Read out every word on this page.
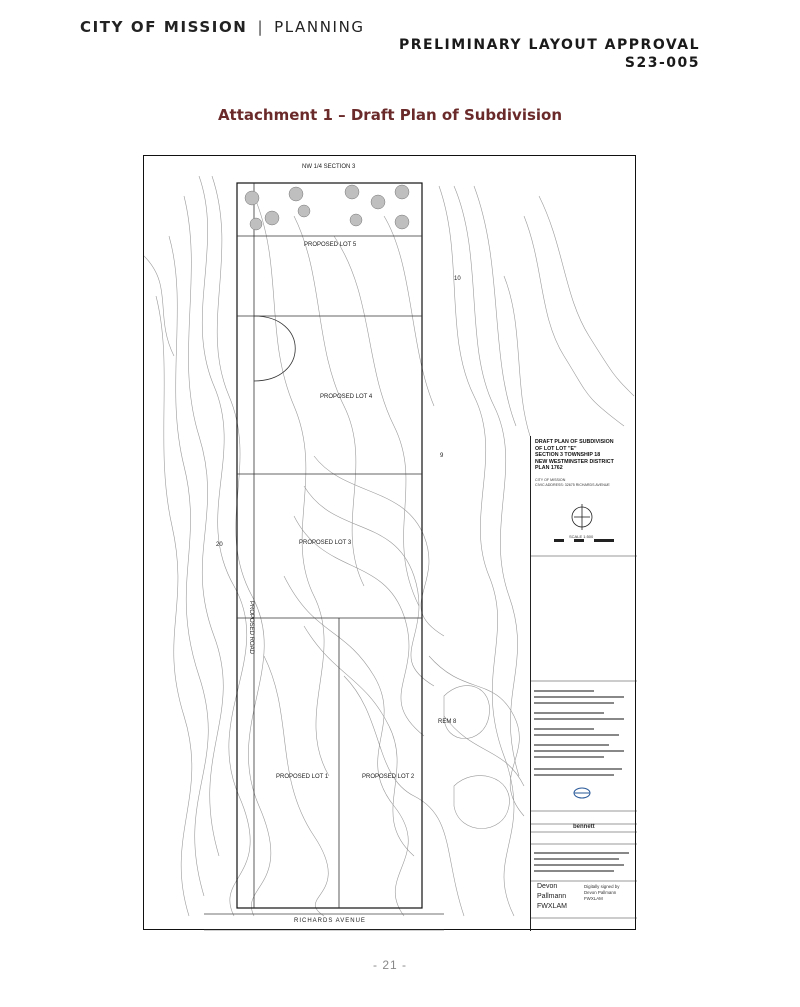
CITY OF MISSION | PLANNING
PRELIMINARY LAYOUT APPROVAL
S23-005
Attachment 1 – Draft Plan of Subdivision
NW 1/4 SECTION 3
PROPOSED LOT 5
PROPOSED LOT 4
PROPOSED LOT 3
PROPOSED LOT 1	PROPOSED LOT 2
10
9
20
REM 8
RICHARDS AVENUE
PROPOSED ROAD
DRAFT PLAN OF SUBDIVISION
OF LOT LOT "E"
SECTION 3 TOWNSHIP 18
NEW WESTMINSTER DISTRICT
PLAN 1762
CITY OF MISSION
CIVIC ADDRESS: 32675 RICHARDS AVENUE
SCALE 1:500
bennett
Devon
Pallmann
FWXLAM
Digitally signed by
Devon Pallmann
FWXLAM
- 21 -
